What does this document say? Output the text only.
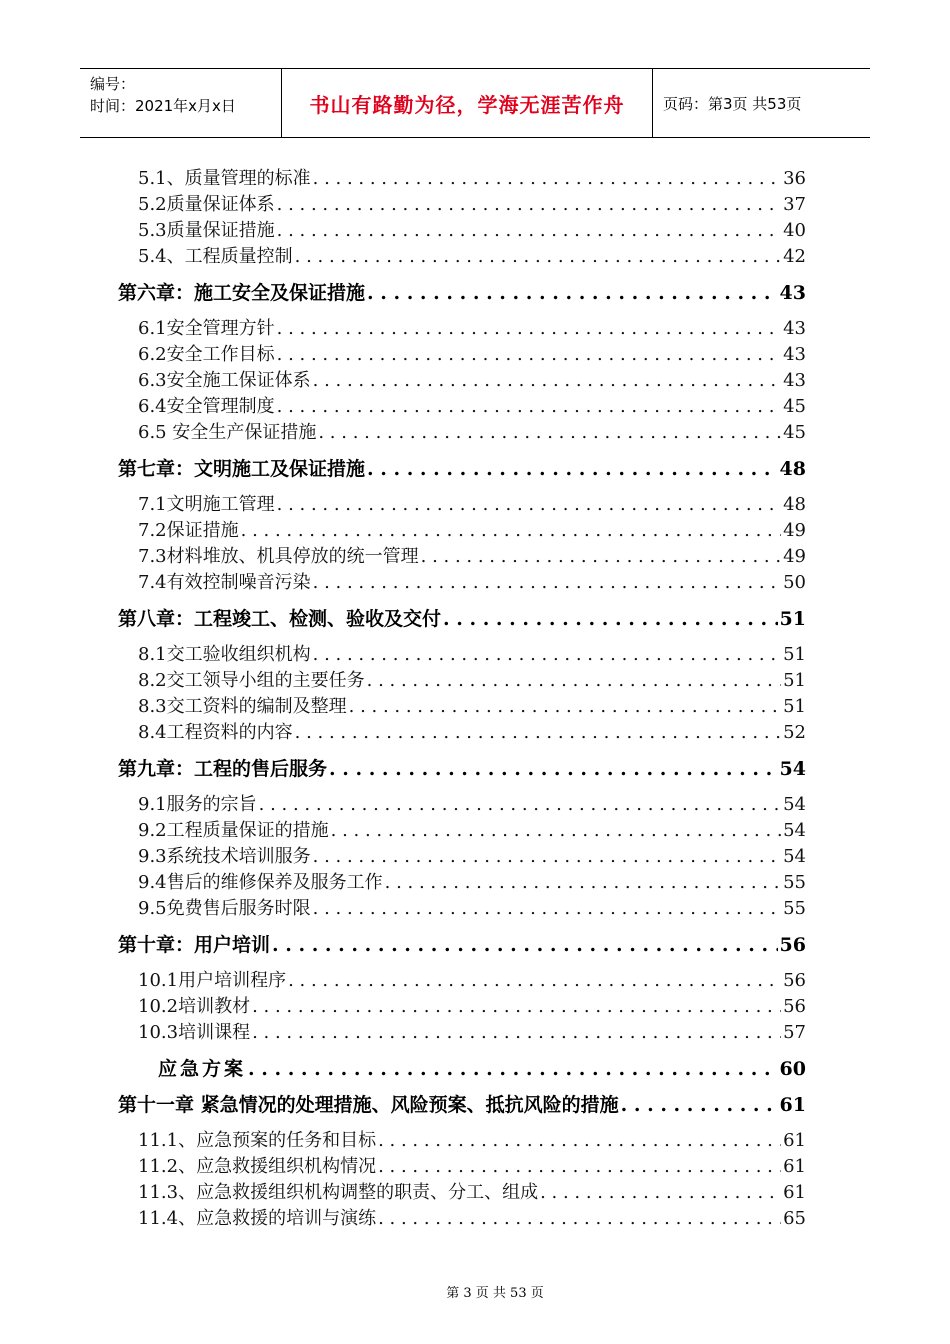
编号：
时间：2021年x月x日	书山有路勤为径，学海无涯苦作舟	页码：第3页 共53页
5.1、质量管理的标准 . . .	36
5.2质量保证体系 . . .	37
5.3质量保证措施 . . .	40
5.4、工程质量控制 . . .	42
第六章：施工安全及保证措施 . . .	43
6.1安全管理方针 . . .	43
6.2安全工作目标 . . .	43
6.3安全施工保证体系 . . .	43
6.4安全管理制度 . . .	45
6.5 安全生产保证措施 . . .	45
第七章：文明施工及保证措施 . . .	48
7.1文明施工管理 . . .	48
7.2保证措施 . . .	49
7.3材料堆放、机具停放的统一管理 . . .	49
7.4有效控制噪音污染 . . .	50
第八章：工程竣工、检测、验收及交付 . . .	51
8.1交工验收组织机构 . . .	51
8.2交工领导小组的主要任务 . . .	51
8.3交工资料的编制及整理 . . .	51
8.4工程资料的内容 . . .	52
第九章：工程的售后服务 . . .	54
9.1服务的宗旨 . . .	54
9.2工程质量保证的措施 . . .	54
9.3系统技术培训服务 . . .	54
9.4售后的维修保养及服务工作 . . .	55
9.5免费售后服务时限 . . .	55
第十章：用户培训 . . .	56
10.1用户培训程序 . . .	56
10.2培训教材 . . .	56
10.3培训课程 . . .	57
应急方案 . . .	60
第十一章 紧急情况的处理措施、风险预案、抵抗风险的措施 . . .	61
11.1、应急预案的任务和目标 . . .	61
11.2、应急救援组织机构情况 . . .	61
11.3、应急救援组织机构调整的职责、分工、组成 . . .	61
11.4、应急救援的培训与演练 . . .	65
第 3 页 共 53 页
